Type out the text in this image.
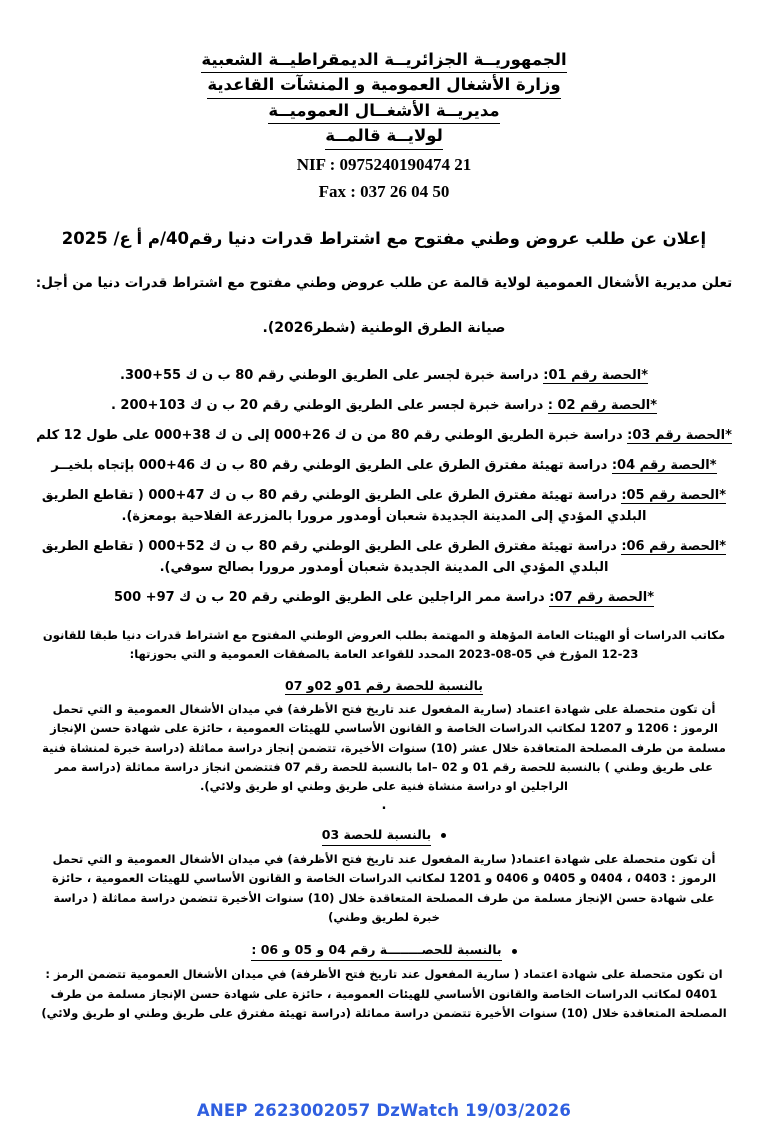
الجمهوريــة الجزائريــة الديمقراطيــة الشعبية
وزارة الأشغال العمومية و المنشآت القاعدية
مديريــة الأشغــال العموميــة
لولايــة قالمــة
NIF : 0975240190474 21
Fax : 037 26 04 50
إعلان عن طلب عروض وطني مفتوح مع اشتراط قدرات دنيا رقم40/م أ ع/ 2025
تعلن مديرية الأشغال العمومية لولاية قالمة عن طلب عروض وطني مفتوح مع اشتراط قدرات دنيا من أجل:
صيانة الطرق الوطنية (شطر2026).
*الحصة رقم 01: دراسة خبرة لجسر على الطريق الوطني رقم 80 ب ن ك 55+300.
*الحصة رقم 02 : دراسة خبرة لجسر على الطريق الوطني رقم 20 ب ن ك 103+200 .
*الحصة رقم 03: دراسة خبرة الطريق الوطني رقم 80 من ن ك 26+000 إلى ن ك 38+000 على طول 12 كلم
*الحصة رقم 04: دراسة تهيئة مفترق الطرق على الطريق الوطني رقم 80 ب ن ك 46+000 بإتجاه بلخيــر
*الحصة رقم 05: دراسة تهيئة مفترق الطرق على الطريق الوطني رقم 80 ب ن ك 47+000 ( تقاطع الطريق البلدي المؤدي إلى المدينة الجديدة شعبان أومدور مرورا بالمزرعة الفلاحية بومعزة).
*الحصة رقم 06: دراسة تهيئة مفترق الطرق على الطريق الوطني رقم 80 ب ن ك 52+000 ( تقاطع الطريق البلدي المؤدي الى المدينة الجديدة شعبان أومدور مرورا بصالح سوفي).
*الحصة رقم 07: دراسة ممر الراجلين على الطريق الوطني رقم 20 ب ن ك 97+ 500
مكاتب الدراسات أو الهيئات العامة المؤهلة و المهتمة بطلب العروض الوطني المفتوح مع اشتراط قدرات دنيا طبقا للقانون 23-12 المؤرخ في 05-08-2023 المحدد للقواعد العامة بالصفقات العمومية و التي بحوزتها:
بالنسبة للحصة رقم 01و 02و 07
أن تكون متحصلة على شهادة اعتماد (سارية المفعول عند تاريخ فتح الأظرفة) في ميدان الأشغال العمومية و التي تحمل الرموز : 1206 و 1207 لمكاتب الدراسات الخاصة و القانون الأساسي للهيئات العمومية ، حائزة على شهادة حسن الإنجاز مسلمة من طرف المصلحة المتعاقدة خلال عشر (10) سنوات الأخيرة، تتضمن إنجاز دراسة مماثلة (دراسة خبرة لمنشاة فنية على طريق وطني ) بالنسبة للحصة رقم 01 و 02 –اما بالنسبة للحصة رقم 07 فتتضمن انجاز دراسة مماثلة (دراسة ممر الراجلين او دراسة منشاة فنية على طريق وطني او طريق ولائي).
.
بالنسبة للحصة 03
أن تكون متحصلة على شهادة اعتماد( سارية المفعول عند تاريخ فتح الأظرفة) في ميدان الأشغال العمومية و التي تحمل الرموز : 0403 ، 0404 و 0405 و 0406 و 1201 لمكاتب الدراسات الخاصة و القانون الأساسي للهيئات العمومية ، حائزة على شهادة حسن الإنجاز مسلمة من طرف المصلحة المتعاقدة خلال (10) سنوات الأخيرة تتضمن دراسة مماثلة ( دراسة خبرة لطريق وطني)
بالنسبة للحصــــــــة رقم 04 و 05 و 06 :
ان تكون متحصلة على شهادة اعتماد ( سارية المفعول عند تاريخ فتح الأظرفة) في ميدان الأشغال العمومية تتضمن الرمز : 0401 لمكاتب الدراسات الخاصة والقانون الأساسي للهيئات العمومية ، حائزة على شهادة حسن الإنجاز مسلمة من طرف المصلحة المتعاقدة خلال (10) سنوات الأخيرة تتضمن دراسة مماثلة (دراسة تهيئة مفترق على طريق وطني او طريق ولائي)
ANEP 2623002057 DzWatch 19/03/2026
